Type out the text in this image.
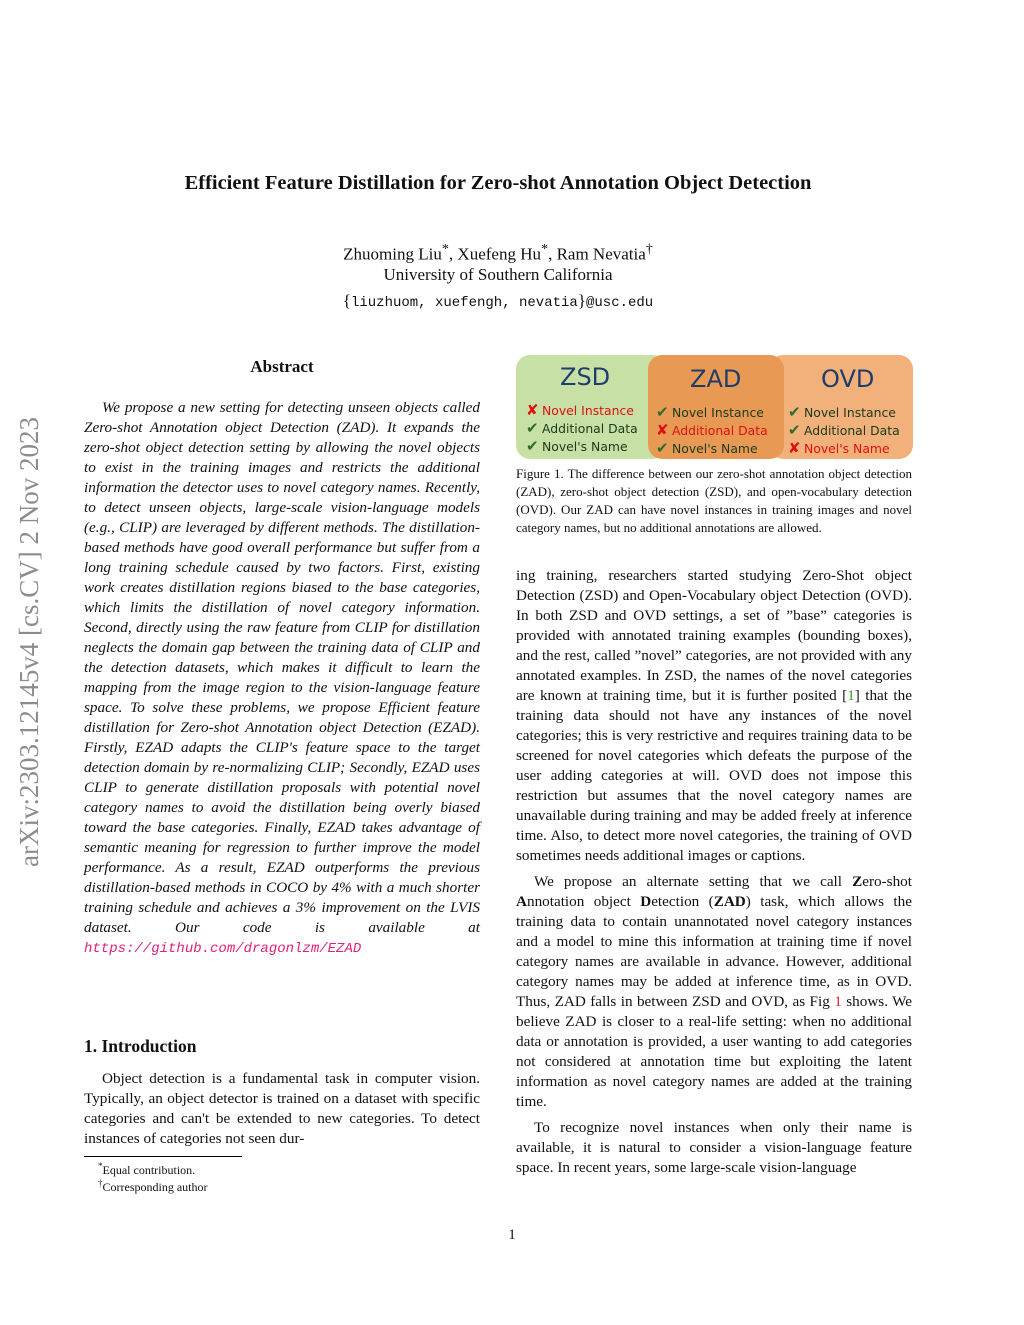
arXiv:2303.12145v4 [cs.CV] 2 Nov 2023
Efficient Feature Distillation for Zero-shot Annotation Object Detection
Zhuoming Liu*, Xuefeng Hu*, Ram Nevatia†
University of Southern California
{liuzhuom, xuefengh, nevatia}@usc.edu
Abstract

We propose a new setting for detecting unseen objects called Zero-shot Annotation object Detection (ZAD). It expands the zero-shot object detection setting by allowing the novel objects to exist in the training images and restricts the additional information the detector uses to novel category names. Recently, to detect unseen objects, large-scale vision-language models (e.g., CLIP) are leveraged by different methods. The distillation-based methods have good overall performance but suffer from a long training schedule caused by two factors. First, existing work creates distillation regions biased to the base categories, which limits the distillation of novel category information. Second, directly using the raw feature from CLIP for distillation neglects the domain gap between the training data of CLIP and the detection datasets, which makes it difficult to learn the mapping from the image region to the vision-language feature space. To solve these problems, we propose Efficient feature distillation for Zero-shot Annotation object Detection (EZAD). Firstly, EZAD adapts the CLIP's feature space to the target detection domain by re-normalizing CLIP; Secondly, EZAD uses CLIP to generate distillation proposals with potential novel category names to avoid the distillation being overly biased toward the base categories. Finally, EZAD takes advantage of semantic meaning for regression to further improve the model performance. As a result, EZAD outperforms the previous distillation-based methods in COCO by 4% with a much shorter training schedule and achieves a 3% improvement on the LVIS dataset. Our code is available at https://github.com/dragonlzm/EZAD

1. Introduction

Object detection is a fundamental task in computer vision. Typically, an object detector is trained on a dataset with specific categories and can't be extended to new categories. To detect instances of categories not seen dur-

*Equal contribution.
†Corresponding author
ZSD
✘ Novel Instance
✔ Additional Data
✔ Novel's Name
ZAD
✔ Novel Instance
✘ Additional Data
✔ Novel's Name
OVD
✔ Novel Instance
✔ Additional Data
✘ Novel's Name

Figure 1. The difference between our zero-shot annotation object detection (ZAD), zero-shot object detection (ZSD), and open-vocabulary detection (OVD). Our ZAD can have novel instances in training images and novel category names, but no additional annotations are allowed.

ing training, researchers started studying Zero-Shot object Detection (ZSD) and Open-Vocabulary object Detection (OVD). In both ZSD and OVD settings, a set of ”base” categories is provided with annotated training examples (bounding boxes), and the rest, called ”novel” categories, are not provided with any annotated examples. In ZSD, the names of the novel categories are known at training time, but it is further posited [1] that the training data should not have any instances of the novel categories; this is very restrictive and requires training data to be screened for novel categories which defeats the purpose of the user adding categories at will. OVD does not impose this restriction but assumes that the novel category names are unavailable during training and may be added freely at inference time. Also, to detect more novel categories, the training of OVD sometimes needs additional images or captions.

We propose an alternate setting that we call Zero-shot Annotation object Detection (ZAD) task, which allows the training data to contain unannotated novel category instances and a model to mine this information at training time if novel category names are available in advance. However, additional category names may be added at inference time, as in OVD. Thus, ZAD falls in between ZSD and OVD, as Fig 1 shows. We believe ZAD is closer to a real-life setting: when no additional data or annotation is provided, a user wanting to add categories not considered at annotation time but exploiting the latent information as novel category names are added at the training time.

To recognize novel instances when only their name is available, it is natural to consider a vision-language feature space. In recent years, some large-scale vision-language

1
